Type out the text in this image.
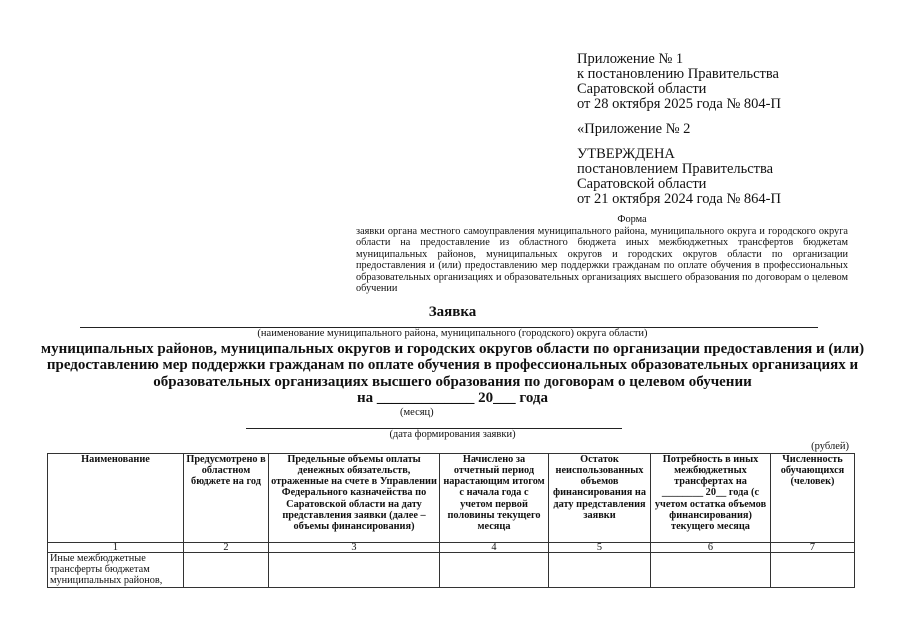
Приложение № 1
к постановлению Правительства
Саратовской области
от 28 октября 2025 года № 804-П
«Приложение № 2
УТВЕРЖДЕНА
постановлением Правительства
Саратовской области
от 21 октября 2024 года № 864-П
Форма
заявки органа местного самоуправления муниципального района, муниципального округа и городского округа области на предоставление из областного бюджета иных межбюджетных трансфертов бюджетам муниципальных районов, муниципальных округов и городских округов области по организации предоставления и (или) предоставлению мер поддержки гражданам по оплате обучения в профессиональных образовательных организациях и образовательных организациях высшего образования по договорам о целевом обучении
Заявка
(наименование муниципального района, муниципального (городского) округа области)
муниципальных районов, муниципальных округов и городских округов области по организации предоставления и (или) предоставлению мер поддержки гражданам по оплате обучения в профессиональных образовательных организациях и образовательных организациях высшего образования по договорам о целевом обучении
на _____________ 20___ года
(месяц)
(дата формирования заявки)
(рублей)
Наименование	Предусмотрено в областном бюджете на год	Предельные объемы оплаты денежных обязательств, отраженные на счете в Управлении Федерального казначейства по Саратовской области на дату представления заявки (далее – объемы финансирования)	Начислено за отчетный период нарастающим итогом с начала года с учетом первой половины текущего месяца	Остаток неиспользованных объемов финансирования на дату представления заявки	Потребность в иных межбюджетных трансфертах на ________ 20__ года (с учетом остатка объемов финансирования) текущего месяца	Численность обучающихся (человек)
1	2	3	4	5	6	7
Иные межбюджетные трансферты бюджетам муниципальных районов,						
